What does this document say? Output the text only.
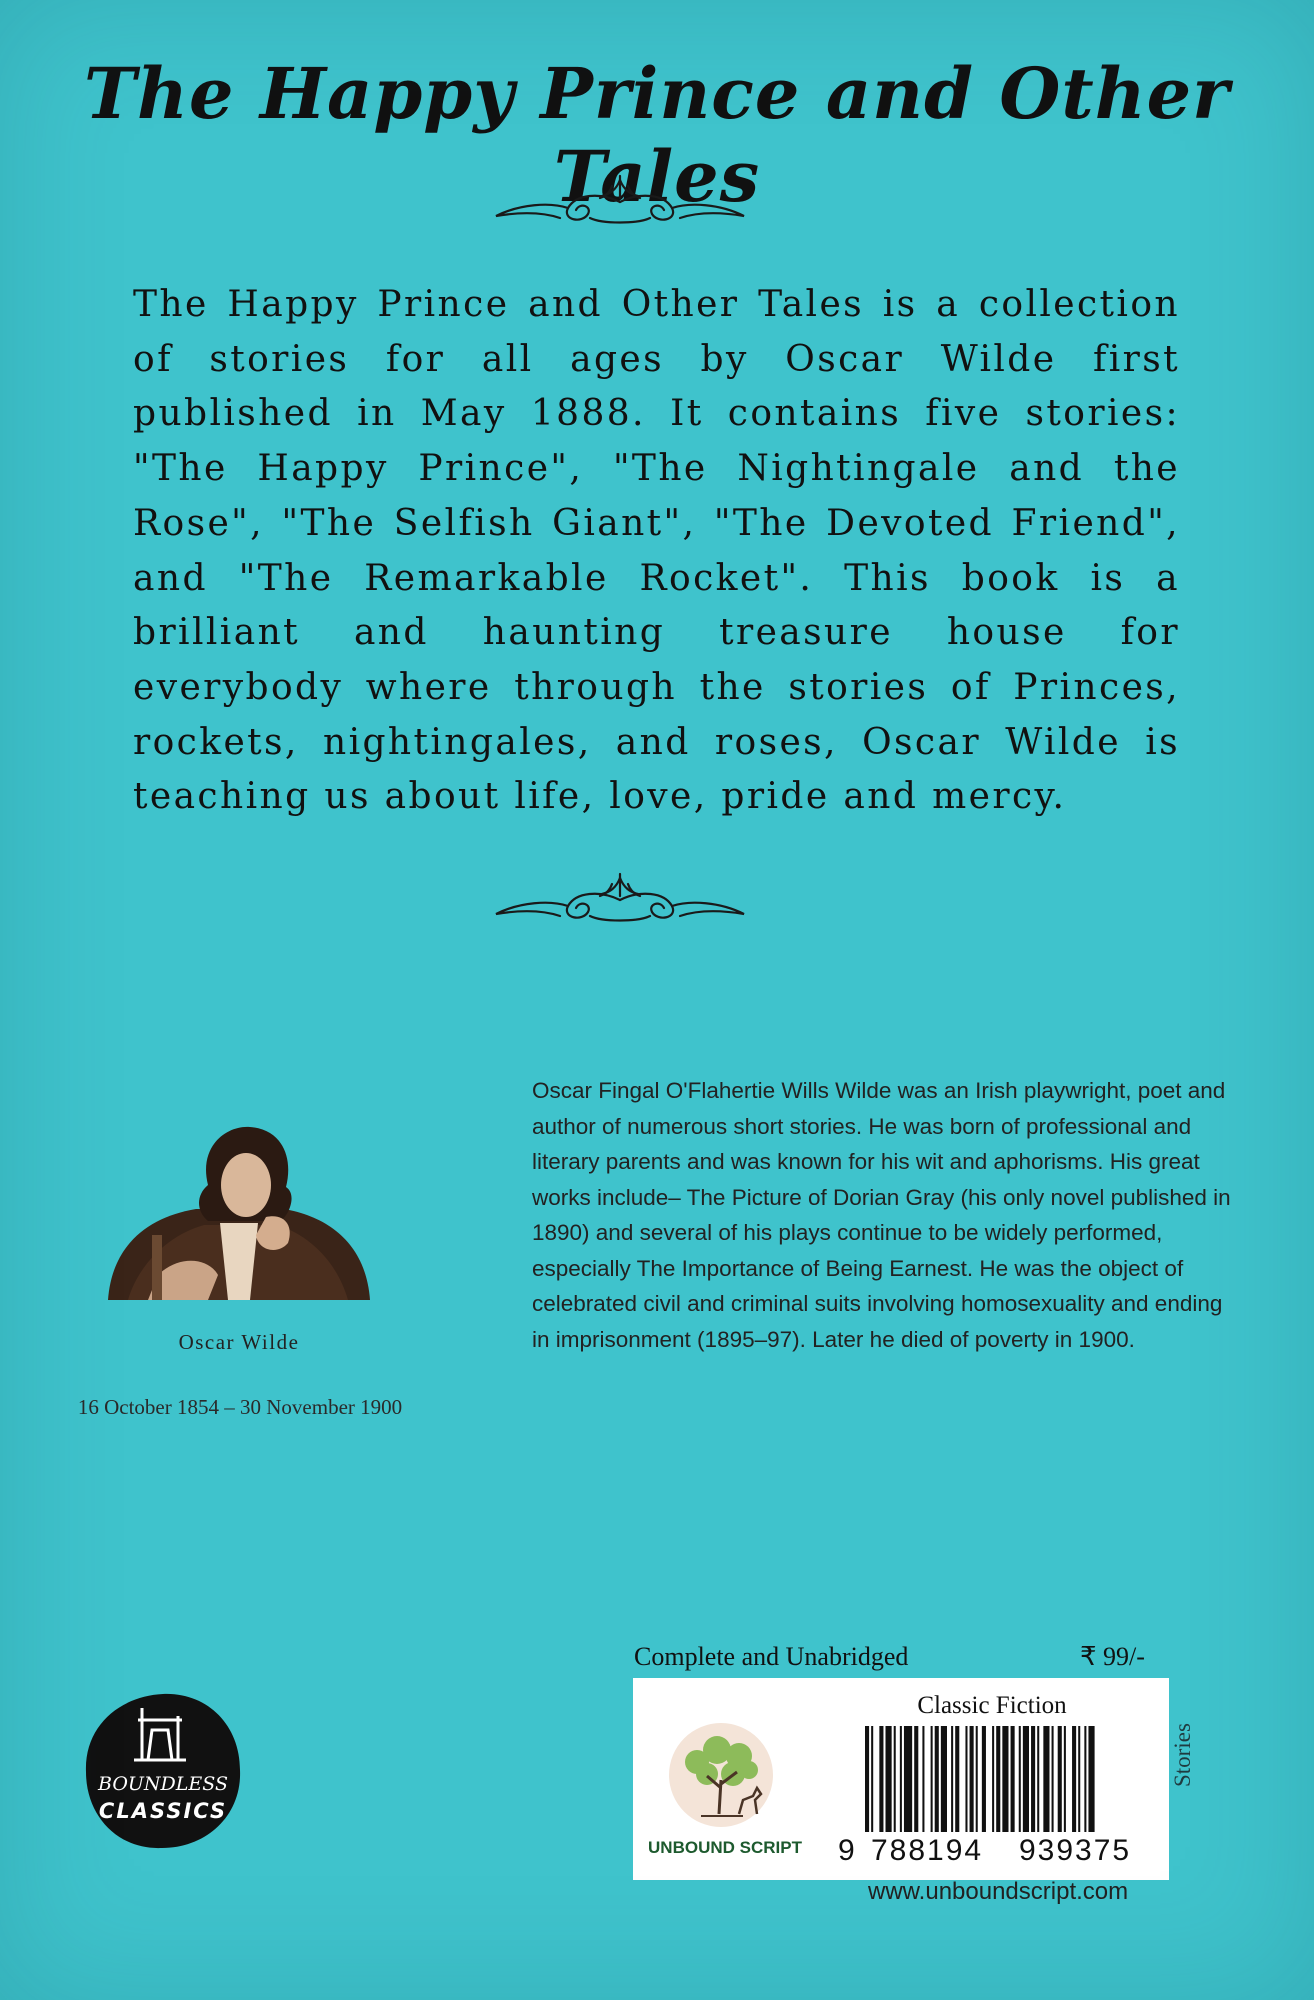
The Happy Prince and Other Tales

The Happy Prince and Other Tales is a collection of stories for all ages by Oscar Wilde first published in May 1888. It contains five stories: "The Happy Prince", "The Nightingale and the Rose", "The Selfish Giant", "The Devoted Friend", and "The Remarkable Rocket". This book is a brilliant and haunting treasure house for everybody where through the stories of Princes, rockets, nightingales, and roses, Oscar Wilde is teaching us about life, love, pride and mercy.

Oscar Wilde
16 October 1854 – 30 November 1900

Oscar Fingal O'Flahertie Wills Wilde was an Irish playwright, poet and author of numerous short stories. He was born of professional and literary parents and was known for his wit and aphorisms. His great works include– The Picture of Dorian Gray (his only novel published in 1890) and several of his plays continue to be widely performed, especially The Importance of Being Earnest. He was the object of celebrated civil and criminal suits involving homosexuality and ending in imprisonment (1895–97). Later he died of poverty in 1900.

Complete and Unabridged	₹ 99/-
UNBOUND SCRIPT
Classic Fiction
9 788194 939375
Stories
www.unboundscript.com
BOUNDLESS
CLASSICS
